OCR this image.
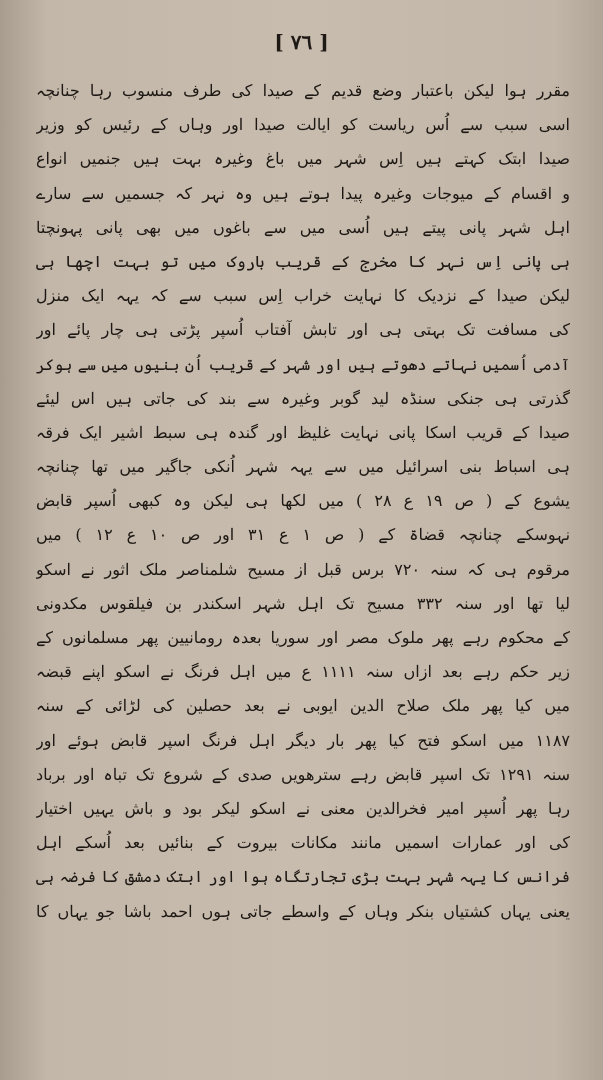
[ ٧٦ ]
مقرر ہوا لیکن باعتبار وضع قدیم کے صیدا کی طرف منسوب رہا چنانچہ
اسی سبب سے اُس ریاست کو ایالت صیدا اور وہاں کے رئیس کو وزیر
صیدا ابتک کہتے ہیں اِس شہر میں باغ وغیرہ بہت ہیں جنمیں انواع
و اقسام کے میوجات وغیرہ پیدا ہوتے ہیں وہ نہر کہ جسمیں سے سارے
اہل شہر پانی پیتے ہیں اُسی میں سے باغوں میں بھی پانی پہونچتا
ہی پانی اِس نہر کا مخرج کے قریب باروک میں تو بہت اچھا ہی
لیکن صیدا کے نزدیک کا نہایت خراب اِس سبب سے کہ یہہ ایک منزل
کی مسافت تک بہتی ہی اور تابش آفتاب اُسپر پڑتی ہی چار پائے اور
آدمی اُسمیں نہاتے دھوتے ہیں اور شہر کے قریب اُن بنیوں میں سے ہوکر
گذرتی ہی جنکی سنڈہ لید گوبر وغیرہ سے بند کی جاتی ہیں اس لیئے
صیدا کے قریب اسکا پانی نہایت غلیظ اور گندہ ہی سبط اشیر ایک فرقہ
ہی اسباط بنی اسرائیل میں سے یہہ شہر اُنکی جاگیر میں تھا چنانچہ
یشوع کے ( ص ١٩ ع ٢٨ ) میں لکھا ہی لیکن وہ کبھی اُسپر قابض
نہوسکے چنانچہ قضاۃ کے ( ص ١ ع ٣١ اور ص ١٠ ع ١٢ ) میں
مرقوم ہی کہ سنہ ٧٢٠ برس قبل از مسیح شلمناصر ملک اثور نے اسکو
لیا تھا اور سنہ ٣٣٢ مسیح تک اہل شہر اسکندر بن فیلقوس مکدونی
کے محکوم رہے پھر ملوک مصر اور سوریا بعدہ رومانیین پھر مسلمانوں کے
زیر حکم رہے بعد ازاں سنہ ١١١١ ع میں اہل فرنگ نے اسکو اپنے قبضہ
میں کیا پھر ملک صلاح الدین ایوبی نے بعد حصلین کی لڑائی کے سنہ
١١٨٧ میں اسکو فتح کیا پھر بار دیگر اہل فرنگ اسپر قابض ہوئے اور
سنہ ١٢٩١ تک اسپر قابض رہے سترھویں صدی کے شروع تک تباہ اور برباد
رہا پھر اُسپر امیر فخرالدین معنی نے اسکو لیکر بود و باش یہیں اختیار
کی اور عمارات اسمیں مانند مکانات بیروت کے بنائیں بعد اُسکے اہل
فرانس کا یہہ شہر بہت بڑی تجارتگاہ ہوا اور ابتک دمشق کا فرضہ ہی
یعنی یہاں کشتیاں بنکر وہاں کے واسطے جاتی ہوں احمد باشا جو یہاں کا
